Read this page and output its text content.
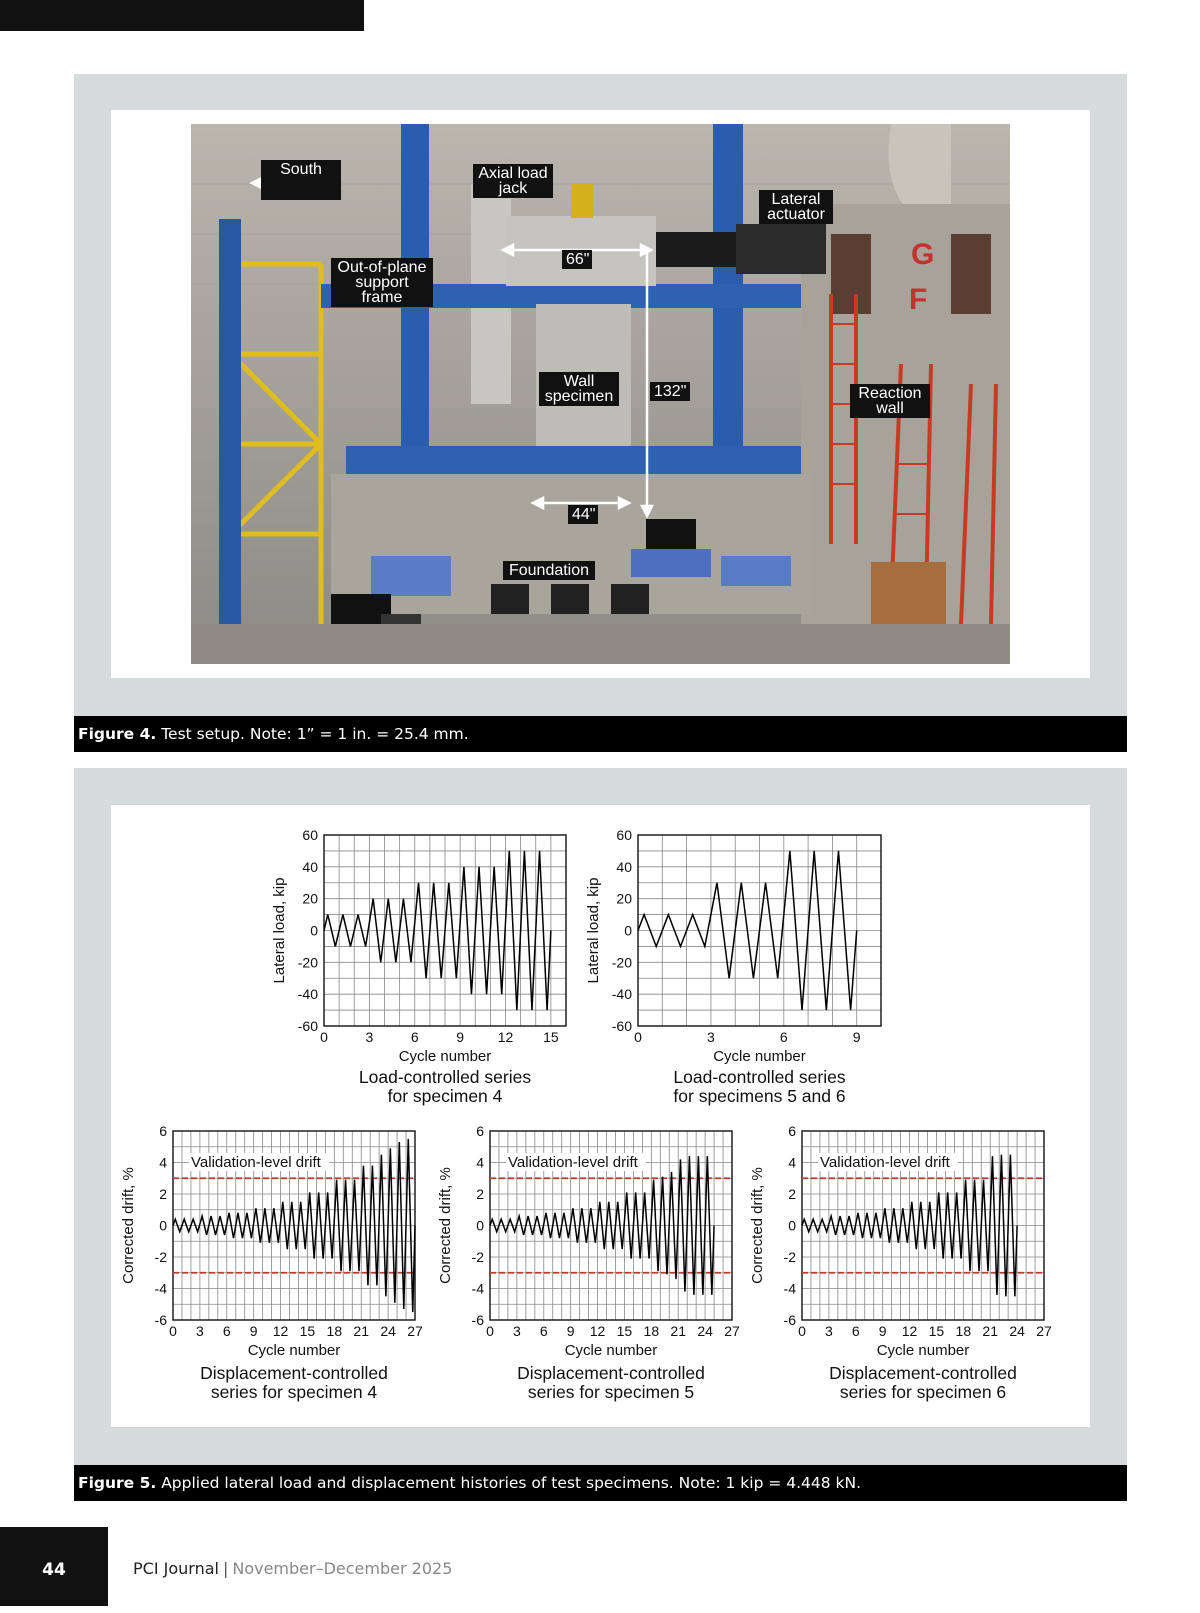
G
F
South	Axial load
jack
Lateral
actuator
Out-of-plane
support
frame
66"
Wall
specimen	132"	Reaction
wall
44"
Foundation
Figure 4. Test setup. Note: 1” = 1 in. = 25.4 mm.
0	3	6	9 12 15
60
40
20
0
-20
-40
-60
Cycle number
Lateral load, kip
Load-controlled series
for specimen 4
0	3	6	9
60
40
20
0
-20
-40
-60
Cycle number
Lateral load, kip
Load-controlled series
for specimens 5 and 6
Validation-level drift
0 3 6 9 12 15 18 21 24 27
6
4
2
0
-2
-4
-6
Cycle number
Corrected drift, %
Displacement-controlled
series for specimen 4
Validation-level drift
0 3 6 9 12 15 18 21 24 27
6
4
2
0
-2
-4
-6
Cycle number
Corrected drift, %
Displacement-controlled
series for specimen 5
Validation-level drift
0 3 6 9 12 15 18 21 24 27
6
4
2
0
-2
-4
-6
Cycle number
Corrected drift, %
Displacement-controlled
series for specimen 6
Figure 5. Applied lateral load and displacement histories of test specimens. Note: 1 kip = 4.448 kN.
44	PCI Journal | November–December 2025
